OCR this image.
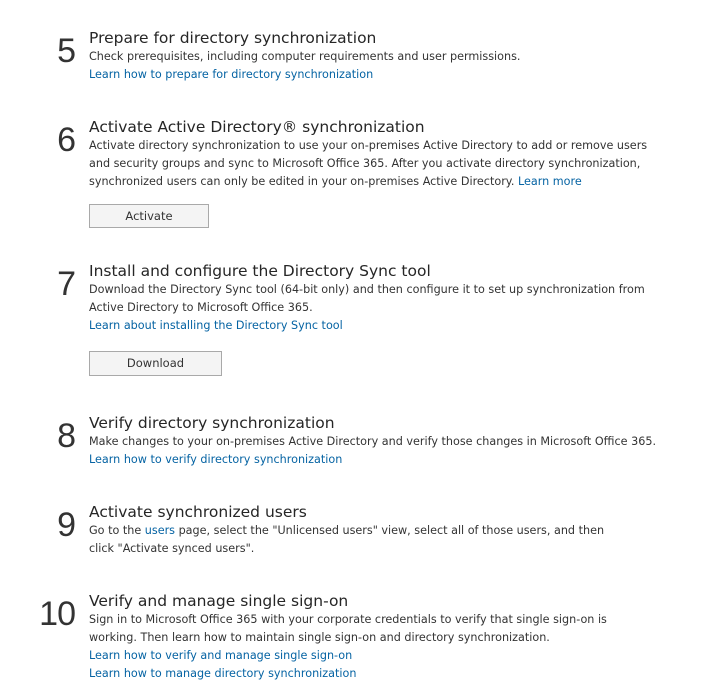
5 Prepare for directory synchronization

Check prerequisites, including computer requirements and user permissions.

Learn how to prepare for directory synchronization
6 Activate Active Directory® synchronization

Activate directory synchronization to use your on-premises Active Directory to add or remove users and security groups and sync to Microsoft Office 365. After you activate directory synchronization, synchronized users can only be edited in your on-premises Active Directory. Learn more

Activate
7 Install and configure the Directory Sync tool

Download the Directory Sync tool (64-bit only) and then configure it to set up synchronization from Active Directory to Microsoft Office 365.

Learn about installing the Directory Sync tool
Download
8 Verify directory synchronization

Make changes to your on-premises Active Directory and verify those changes in Microsoft Office 365.

Learn how to verify directory synchronization
9 Activate synchronized users

Go to the users page, select the "Unlicensed users" view, select all of those users, and then click "Activate synced users".

10 Verify and manage single sign-on

Sign in to Microsoft Office 365 with your corporate credentials to verify that single sign-on is working. Then learn how to maintain single sign-on and directory synchronization.

Learn how to verify and manage single sign-on
Learn how to manage directory synchronization
